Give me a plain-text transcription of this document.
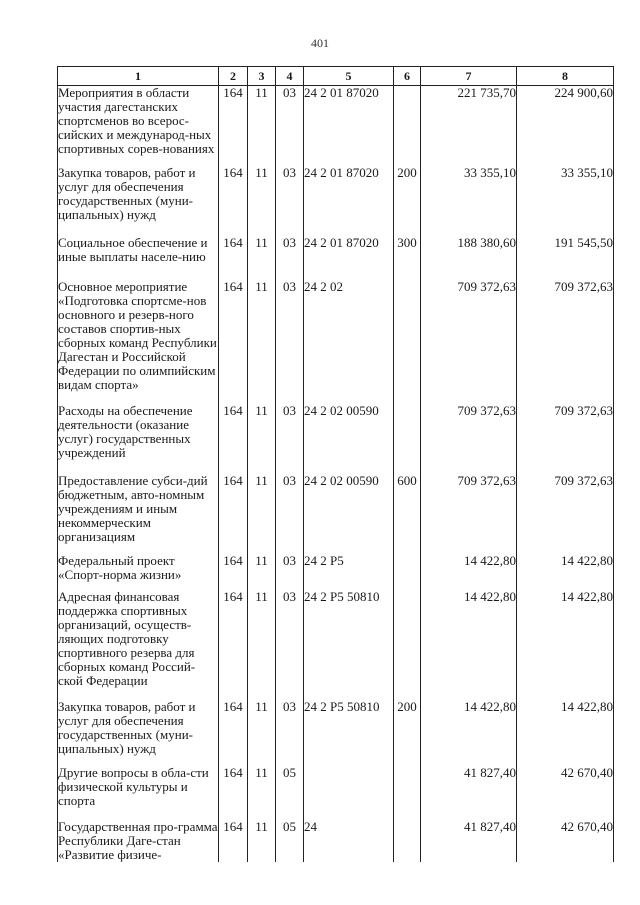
401
1	2	3	4	5	6	7	8
Мероприятия в области участия дагестанских спортсменов во всерос-сийских и международ-ных спортивных сорев-нованиях	164	11	03	24 2 01 87020		221 735,70	224 900,60
Закупка товаров, работ и услуг для обеспечения государственных (муни-ципальных) нужд	164	11	03	24 2 01 87020	200	33 355,10	33 355,10
Социальное обеспечение и иные выплаты населе-нию	164	11	03	24 2 01 87020	300	188 380,60	191 545,50
Основное мероприятие «Подготовка спортсме-нов основного и резерв-ного составов спортив-ных сборных команд Республики Дагестан и Российской Федерации по олимпийским видам спорта»	164	11	03	24 2 02		709 372,63	709 372,63
Расходы на обеспечение деятельности (оказание услуг) государственных учреждений	164	11	03	24 2 02 00590		709 372,63	709 372,63
Предоставление субси-дий бюджетным, авто-номным учреждениям и иным некоммерческим организациям	164	11	03	24 2 02 00590	600	709 372,63	709 372,63
Федеральный проект «Спорт-норма жизни»	164	11	03	24 2 P5		14 422,80	14 422,80
Адресная финансовая поддержка спортивных организаций, осуществ-ляющих подготовку спортивного резерва для сборных команд Россий-ской Федерации	164	11	03	24 2 P5 50810		14 422,80	14 422,80
Закупка товаров, работ и услуг для обеспечения государственных (муни-ципальных) нужд	164	11	03	24 2 P5 50810	200	14 422,80	14 422,80
Другие вопросы в обла-сти физической культуры и спорта	164	11	05			41 827,40	42 670,40
Государственная про-грамма Республики Даге-стан «Развитие физиче-	164	11	05	24		41 827,40	42 670,40
